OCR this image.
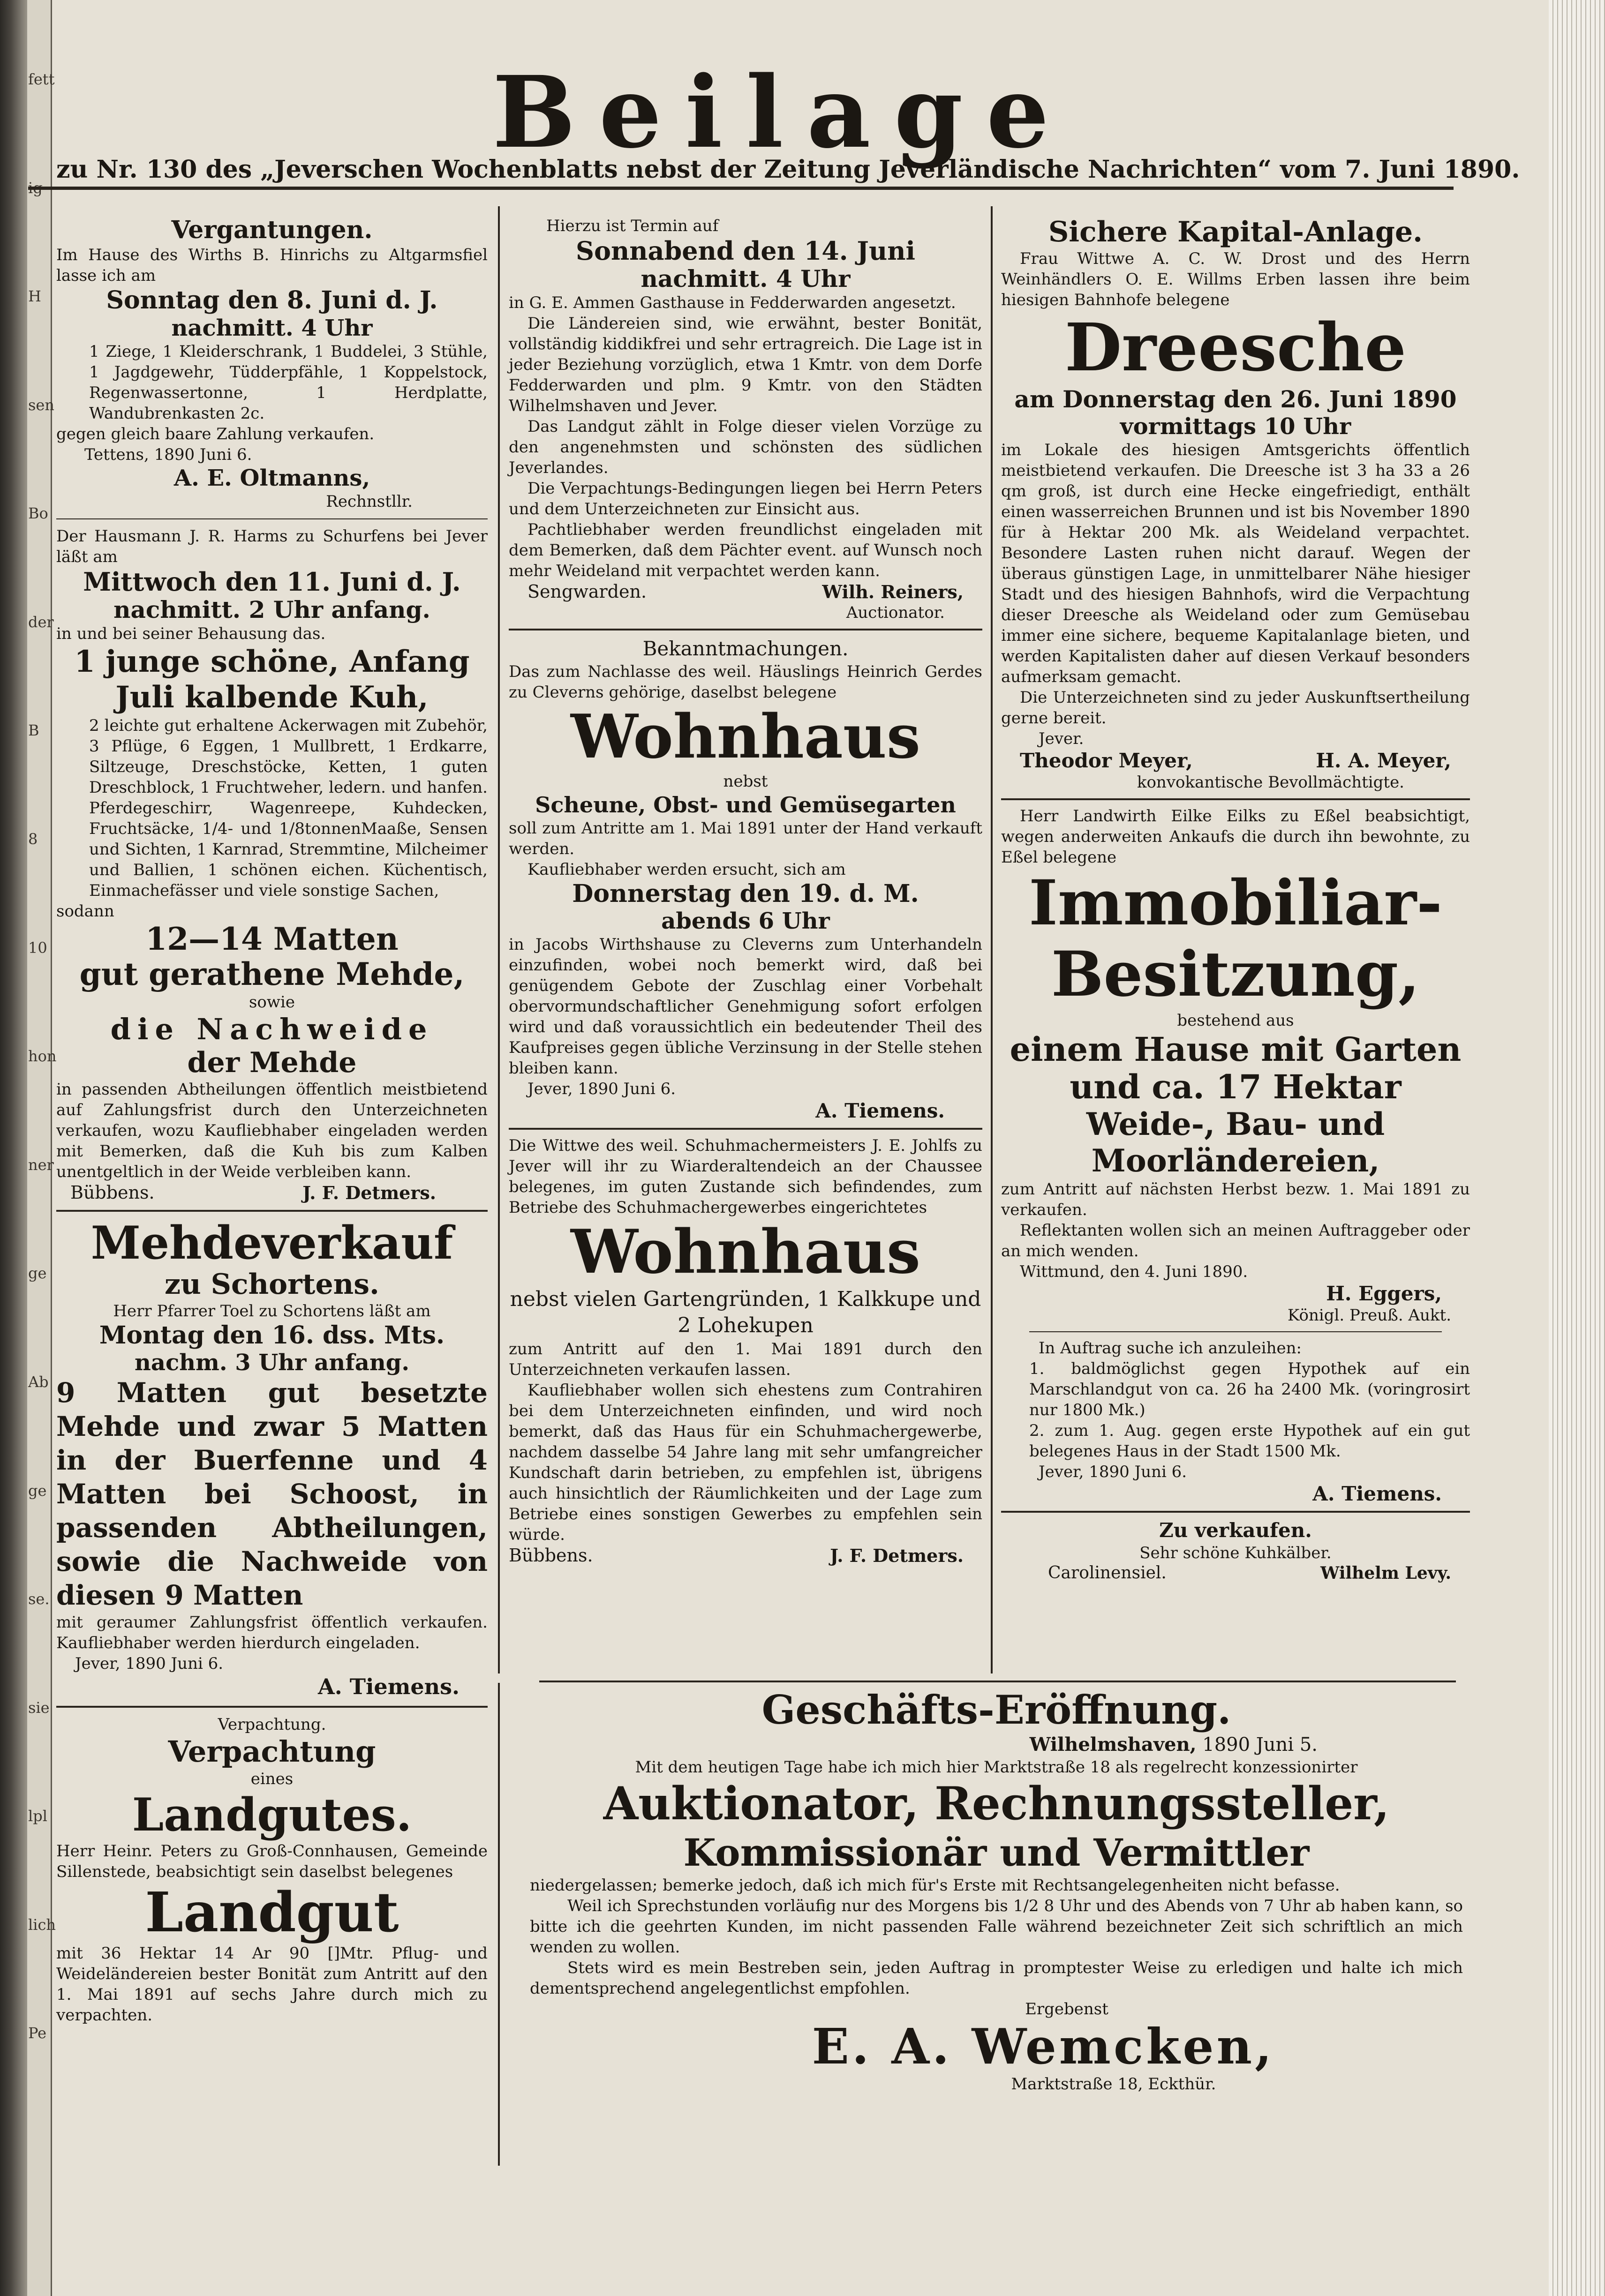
fett
H
sen
Bo
der
B
8
10
hon
ner
ge
Ab
ge
se.
sie
lpl
lich
Pe
Beilage
zu Nr. 130 des „Jeverschen Wochenblatts nebst der Zeitung Jeverländische Nachrichten“ vom 7. Juni 1890.
Vergantungen.
Im Hause des Wirths B. Hinrichs zu Altgarmsfiel lasse ich am
Sonntag den 8. Juni d. J.
nachmitt. 4 Uhr
1 Ziege, 1 Kleiderschrank, 1 Buddelei, 3 Stühle, 1 Jagdgewehr, Tüdderpfähle, 1 Koppelstock, Regenwassertonne, 1 Herdplatte, Wandubrenkasten 2c.
gegen gleich baare Zahlung verkaufen.
Tettens, 1890 Juni 6.
A. E. Oltmanns,
Rechnstllr.
Der Hausmann J. R. Harms zu Schurfens bei Jever läßt am
Mittwoch den 11. Juni d. J.
nachmitt. 2 Uhr anfang.
in und bei seiner Behausung das.
1 junge schöne, Anfang Juli kalbende Kuh,
2 leichte gut erhaltene Ackerwagen mit Zubehör, 3 Pflüge, 6 Eggen, 1 Mullbrett, 1 Erdkarre, Siltzeuge, Dreschstöcke, Ketten, 1 guten Dreschblock, 1 Fruchtweher, ledern. und hanfen. Pferdegeschirr, Wagenreepe, Kuhdecken, Fruchtsäcke, 1/4- und 1/8tonnenMaaße, Sensen und Sichten, 1 Karnrad, Stremmtine, Milcheimer und Ballien, 1 schönen eichen. Küchentisch, Einmachefässer und viele sonstige Sachen,
sodann
12—14 Matten
gut gerathene Mehde,
sowie
die Nachweide
der Mehde
in passenden Abtheilungen öffentlich meistbietend auf Zahlungsfrist durch den Unterzeichneten verkaufen, wozu Kaufliebhaber eingeladen werden mit Bemerken, daß die Kuh bis zum Kalben unentgeltlich in der Weide verbleiben kann.
Bübbens.	J. F. Detmers.
Mehdeverkauf
zu Schortens.
Herr Pfarrer Toel zu Schortens läßt am
Montag den 16. dss. Mts.
nachm. 3 Uhr anfang.
9 Matten gut besetzte Mehde und zwar 5 Matten in der Buerfenne und 4 Matten bei Schoost, in passenden Abtheilungen, sowie die Nachweide von diesen 9 Matten
mit geraumer Zahlungsfrist öffentlich verkaufen. Kaufliebhaber werden hierdurch eingeladen.
Jever, 1890 Juni 6.
A. Tiemens.
Verpachtung.
Verpachtung
eines
Landgutes.
Herr Heinr. Peters zu Groß-Connhausen, Gemeinde Sillenstede, beabsichtigt sein daselbst belegenes
Landgut
mit 36 Hektar 14 Ar 90 []Mtr. Pflug- und Weideländereien bester Bonität zum Antritt auf den 1. Mai 1891 auf sechs Jahre durch mich zu verpachten.
Hierzu ist Termin auf
Sonnabend den 14. Juni
nachmitt. 4 Uhr
in G. E. Ammen Gasthause in Fedderwarden angesetzt.
Die Ländereien sind, wie erwähnt, bester Bonität, vollständig kiddikfrei und sehr ertragreich. Die Lage ist in jeder Beziehung vorzüglich, etwa 1 Kmtr. von dem Dorfe Fedderwarden und plm. 9 Kmtr. von den Städten Wilhelmshaven und Jever.
Das Landgut zählt in Folge dieser vielen Vorzüge zu den angenehmsten und schönsten des südlichen Jeverlandes.
Die Verpachtungs-Bedingungen liegen bei Herrn Peters und dem Unterzeichneten zur Einsicht aus.
Pachtliebhaber werden freundlichst eingeladen mit dem Bemerken, daß dem Pächter event. auf Wunsch noch mehr Weideland mit verpachtet werden kann.
Sengwarden.	Wilh. Reiners,
Auctionator.
Bekanntmachungen.
Das zum Nachlasse des weil. Häuslings Heinrich Gerdes zu Cleverns gehörige, daselbst belegene
Wohnhaus
nebst
Scheune, Obst- und Gemüsegarten
soll zum Antritte am 1. Mai 1891 unter der Hand verkauft werden.
Kaufliebhaber werden ersucht, sich am
Donnerstag den 19. d. M.
abends 6 Uhr
in Jacobs Wirthshause zu Cleverns zum Unterhandeln einzufinden, wobei noch bemerkt wird, daß bei genügendem Gebote der Zuschlag einer Vorbehalt obervormundschaftlicher Genehmigung sofort erfolgen wird und daß voraussichtlich ein bedeutender Theil des Kaufpreises gegen übliche Verzinsung in der Stelle stehen bleiben kann.
Jever, 1890 Juni 6.
A. Tiemens.
Die Wittwe des weil. Schuhmachermeisters J. E. Johlfs zu Jever will ihr zu Wiarderaltendeich an der Chaussee belegenes, im guten Zustande sich befindendes, zum Betriebe des Schuhmachergewerbes eingerichtetes
Wohnhaus
nebst vielen Gartengründen, 1 Kalkkupe und 2 Lohekupen
zum Antritt auf den 1. Mai 1891 durch den Unterzeichneten verkaufen lassen.
Kaufliebhaber wollen sich ehestens zum Contrahiren bei dem Unterzeichneten einfinden, und wird noch bemerkt, daß das Haus für ein Schuhmachergewerbe, nachdem dasselbe 54 Jahre lang mit sehr umfangreicher Kundschaft darin betrieben, zu empfehlen ist, übrigens auch hinsichtlich der Räumlichkeiten und der Lage zum Betriebe eines sonstigen Gewerbes zu empfehlen sein würde.
Bübbens.	J. F. Detmers.
Sichere Kapital-Anlage.
Frau Wittwe A. C. W. Drost und des Herrn Weinhändlers O. E. Willms Erben lassen ihre beim hiesigen Bahnhofe belegene
Dreesche
am Donnerstag den 26. Juni 1890
vormittags 10 Uhr
im Lokale des hiesigen Amtsgerichts öffentlich meistbietend verkaufen. Die Dreesche ist 3 ha 33 a 26 qm groß, ist durch eine Hecke eingefriedigt, enthält einen wasserreichen Brunnen und ist bis November 1890 für à Hektar 200 Mk. als Weideland verpachtet. Besondere Lasten ruhen nicht darauf. Wegen der überaus günstigen Lage, in unmittelbarer Nähe hiesiger Stadt und des hiesigen Bahnhofs, wird die Verpachtung dieser Dreesche als Weideland oder zum Gemüsebau immer eine sichere, bequeme Kapitalanlage bieten, und werden Kapitalisten daher auf diesen Verkauf besonders aufmerksam gemacht.
Die Unterzeichneten sind zu jeder Auskunftsertheilung gerne bereit.
Jever.
Theodor Meyer,	H. A. Meyer,
konvokantische Bevollmächtigte.
Herr Landwirth Eilke Eilks zu Eßel beabsichtigt, wegen anderweiten Ankaufs die durch ihn bewohnte, zu Eßel belegene
Immobiliar-
Besitzung,
bestehend aus
einem Hause mit Garten
und ca. 17 Hektar
Weide-, Bau- und Moorländereien,
zum Antritt auf nächsten Herbst bezw. 1. Mai 1891 zu verkaufen.
Reflektanten wollen sich an meinen Auftraggeber oder an mich wenden.
Wittmund, den 4. Juni 1890.
H. Eggers,
Königl. Preuß. Aukt.
In Auftrag suche ich anzuleihen:
1. baldmöglichst gegen Hypothek auf ein Marschlandgut von ca. 26 ha 2400 Mk. (voringrosirt nur 1800 Mk.)
2. zum 1. Aug. gegen erste Hypothek auf ein gut belegenes Haus in der Stadt 1500 Mk.
Jever, 1890 Juni 6.
A. Tiemens.
Zu verkaufen.
Sehr schöne Kuhkälber.
Carolinensiel.	Wilhelm Levy.
Geschäfts-Eröffnung.
Wilhelmshaven, 1890 Juni 5.
Mit dem heutigen Tage habe ich mich hier Marktstraße 18 als regelrecht konzessionirter
Auktionator, Rechnungssteller,
Kommissionär und Vermittler
niedergelassen; bemerke jedoch, daß ich mich für's Erste mit Rechtsangelegenheiten nicht befasse.
Weil ich Sprechstunden vorläufig nur des Morgens bis 1/2 8 Uhr und des Abends von 7 Uhr ab haben kann, so bitte ich die geehrten Kunden, im nicht passenden Falle während bezeichneter Zeit sich schriftlich an mich wenden zu wollen.
Stets wird es mein Bestreben sein, jeden Auftrag in promptester Weise zu erledigen und halte ich mich dementsprechend angelegentlichst empfohlen.
Ergebenst
E. A. Wemcken,
Marktstraße 18, Eckthür.
